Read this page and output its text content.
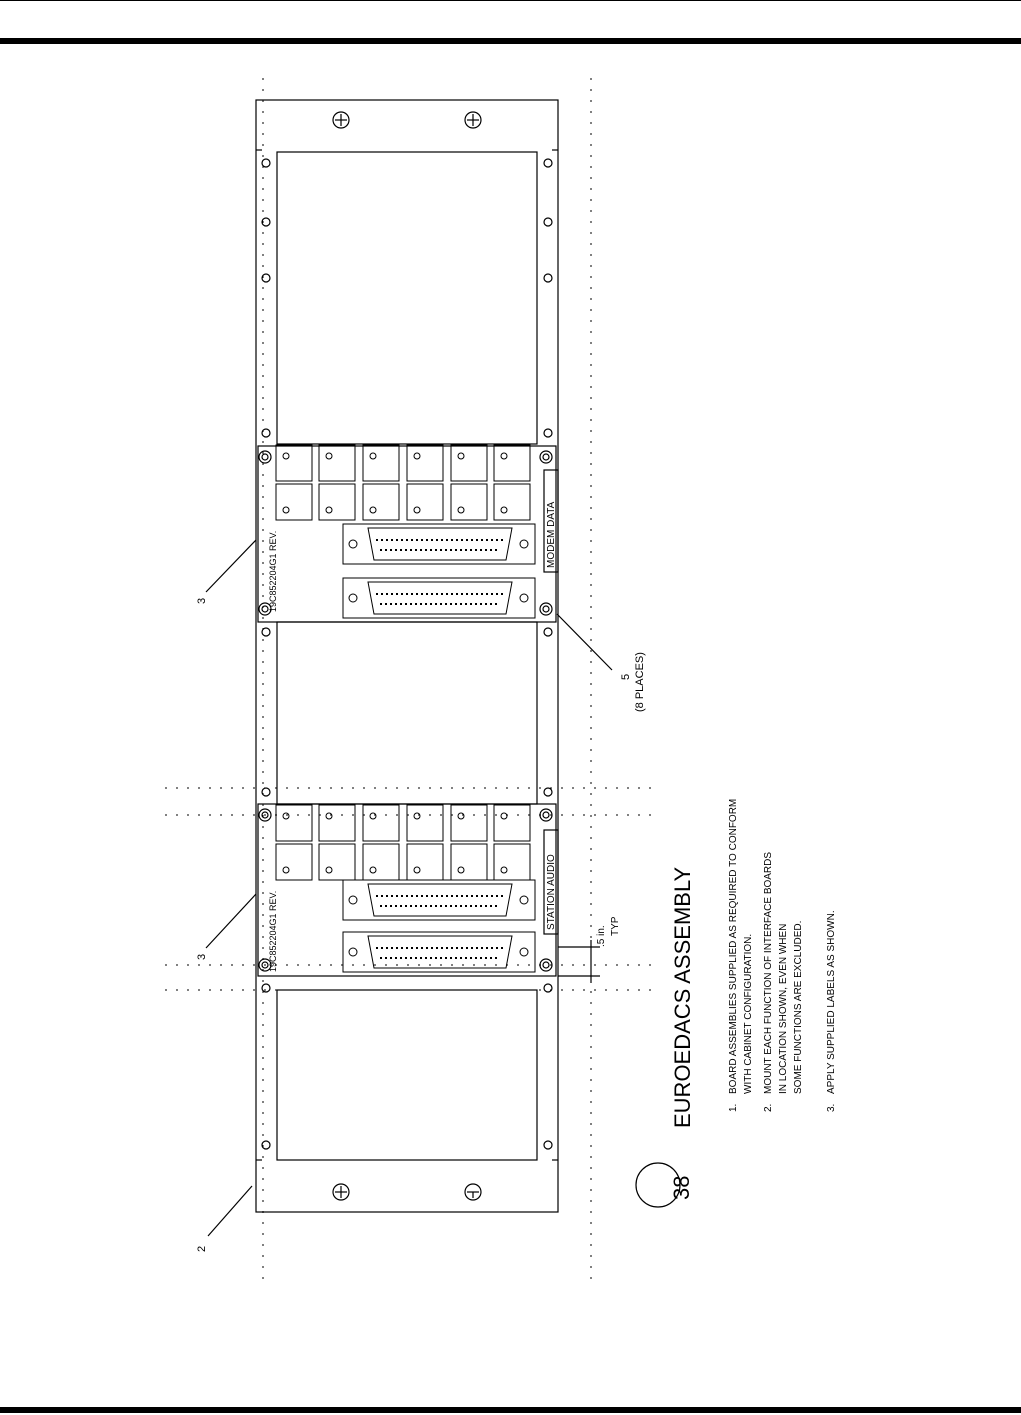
EUROEDACS ASSEMBLY
38
19C852204G1 REV.
19C852204G1 REV.
MODEM DATA
STATION AUDIO
.5 in. TYP
5 (8 PLACES)
2
3
3
1.
BOARD ASSEMBLIES SUPPLIED AS REQUIRED TO CONFORM WITH CABINET CONFIGURATION.
2.
MOUNT EACH FUNCTION OF INTERFACE BOARDS IN LOCATION SHOWN, EVEN WHEN SOME FUNCTIONS ARE EXCLUDED.
3.
APPLY SUPPLIED LABELS AS SHOWN.
